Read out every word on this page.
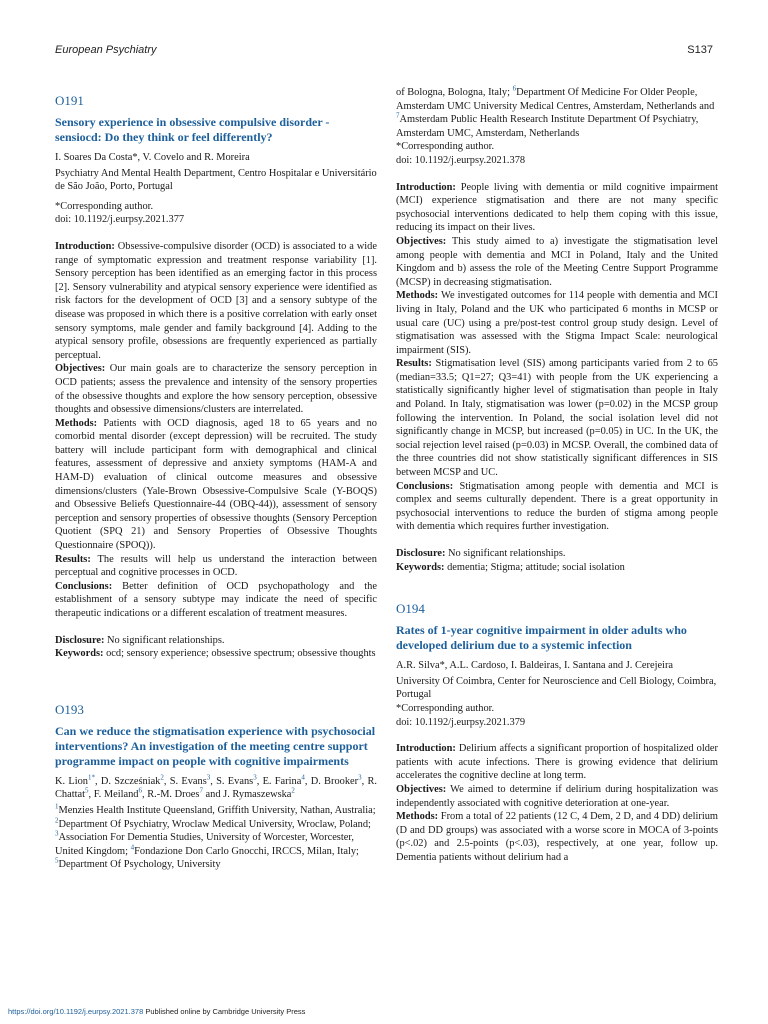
European Psychiatry	S137
O191
Sensory experience in obsessive compulsive disorder - sensiocd: Do they think or feel differently?

I. Soares Da Costa*, V. Covelo and R. Moreira

Psychiatry And Mental Health Department, Centro Hospitalar e Universitário de São João, Porto, Portugal

*Corresponding author.

doi: 10.1192/j.eurpsy.2021.377

Introduction: Obsessive-compulsive disorder (OCD) is associated to a wide range of symptomatic expression and treatment response variability [1]. Sensory perception has been identified as an emerging factor in this process [2]. Sensory vulnerability and atypical sensory experience were identified as risk factors for the development of OCD [3] and a sensory subtype of the disease was proposed in which there is a positive correlation with early onset sensory symptoms, male gender and family background [4]. Adding to the atypical sensory profile, obsessions are frequently experienced as partially perceptual.

Objectives: Our main goals are to characterize the sensory perception in OCD patients; assess the prevalence and intensity of the sensory properties of the obsessive thoughts and explore the how sensory perception, obsessive thoughts and obsessive dimensions/clusters are interrelated.

Methods: Patients with OCD diagnosis, aged 18 to 65 years and no comorbid mental disorder (except depression) will be recruited. The study battery will include participant form with demographical and clinical features, assessment of depressive and anxiety symptoms (HAM-A and HAM-D) evaluation of clinical outcome measures and obsessive dimensions/clusters (Yale-Brown Obsessive-Compulsive Scale (Y-BOQS) and Obsessive Beliefs Questionnaire-44 (OBQ-44)), assessment of sensory perception and sensory properties of obsessive thoughts (Sensory Perception Quotient (SPQ 21) and Sensory Properties of Obsessive Thoughts Questionnaire (SPOQ)).

Results: The results will help us understand the interaction between perceptual and cognitive processes in OCD.

Conclusions: Better definition of OCD psychopathology and the establishment of a sensory subtype may indicate the need of specific therapeutic indications or a different escalation of treatment measures.

Disclosure: No significant relationships.

Keywords: ocd; sensory experience; obsessive spectrum; obsessive thoughts

O193
Can we reduce the stigmatisation experience with psychosocial interventions? An investigation of the meeting centre support programme impact on people with cognitive impairments

K. Lion$^{1*}$, D. Szcześniak$^2$, S. Evans$^3$, S. Evans$^3$, E. Farina$^4$, D. Brooker$^3$, R. Chattat$^5$, F. Meiland$^6$, R.-M. Droes$^7$ and J. Rymaszewska$^2$

$^1$Menzies Health Institute Queensland, Griffith University, Nathan, Australia; $^2$Department Of Psychiatry, Wroclaw Medical University, Wroclaw, Poland; $^3$Association For Dementia Studies, University of Worcester, Worcester, United Kingdom; $^4$Fondazione Don Carlo Gnocchi, IRCCS, Milan, Italy; $^5$Department Of Psychology, University

of Bologna, Bologna, Italy; $^6$Department Of Medicine For Older People, Amsterdam UMC University Medical Centres, Amsterdam, Netherlands and $^7$Amsterdam Public Health Research Institute Department Of Psychiatry, Amsterdam UMC, Amsterdam, Netherlands

*Corresponding author.

doi: 10.1192/j.eurpsy.2021.378

Introduction: People living with dementia or mild cognitive impairment (MCI) experience stigmatisation and there are not many specific psychosocial interventions dedicated to help them coping with this issue, reducing its impact on their lives.

Objectives: This study aimed to a) investigate the stigmatisation level among people with dementia and MCI in Poland, Italy and the United Kingdom and b) assess the role of the Meeting Centre Support Programme (MCSP) in decreasing stigmatisation.

Methods: We investigated outcomes for 114 people with dementia and MCI living in Italy, Poland and the UK who participated 6 months in MCSP or usual care (UC) using a pre/post-test control group study design. Level of stigmatisation was assessed with the Stigma Impact Scale: neurological impairment (SIS).

Results: Stigmatisation level (SIS) among participants varied from 2 to 65 (median=33.5; Q1=27; Q3=41) with people from the UK experiencing a statistically significantly higher level of stigmatisation than people in Italy and Poland. In Italy, stigmatisation was lower (p=0.02) in the MCSP group following the intervention. In Poland, the social isolation level did not significantly change in MCSP, but increased (p=0.05) in UC. In the UK, the social rejection level raised (p=0.03) in MCSP. Overall, the combined data of the three countries did not show statistically significant differences in SIS between MCSP and UC.

Conclusions: Stigmatisation among people with dementia and MCI is complex and seems culturally dependent. There is a great opportunity in psychosocial interventions to reduce the burden of stigma among people with dementia which requires further investigation.

Disclosure: No significant relationships.

Keywords: dementia; Stigma; attitude; social isolation

O194
Rates of 1-year cognitive impairment in older adults who developed delirium due to a systemic infection

A.R. Silva*, A.L. Cardoso, I. Baldeiras, I. Santana and J. Cerejeira

University Of Coimbra, Center for Neuroscience and Cell Biology, Coimbra, Portugal

*Corresponding author.

doi: 10.1192/j.eurpsy.2021.379

Introduction: Delirium affects a significant proportion of hospitalized older patients with acute infections. There is growing evidence that delirium accelerates the cognitive decline at long term.

Objectives: We aimed to determine if delirium during hospitalization was independently associated with cognitive deterioration at one-year.

Methods: From a total of 22 patients (12 C, 4 Dem, 2 D, and 4 DD) delirium (D and DD groups) was associated with a worse score in MOCA of 3-points (p<.02) and 2.5-points (p<.03), respectively, at one year, follow up. Dementia patients without delirium had a

https://doi.org/10.1192/j.eurpsy.2021.378 Published online by Cambridge University Press
